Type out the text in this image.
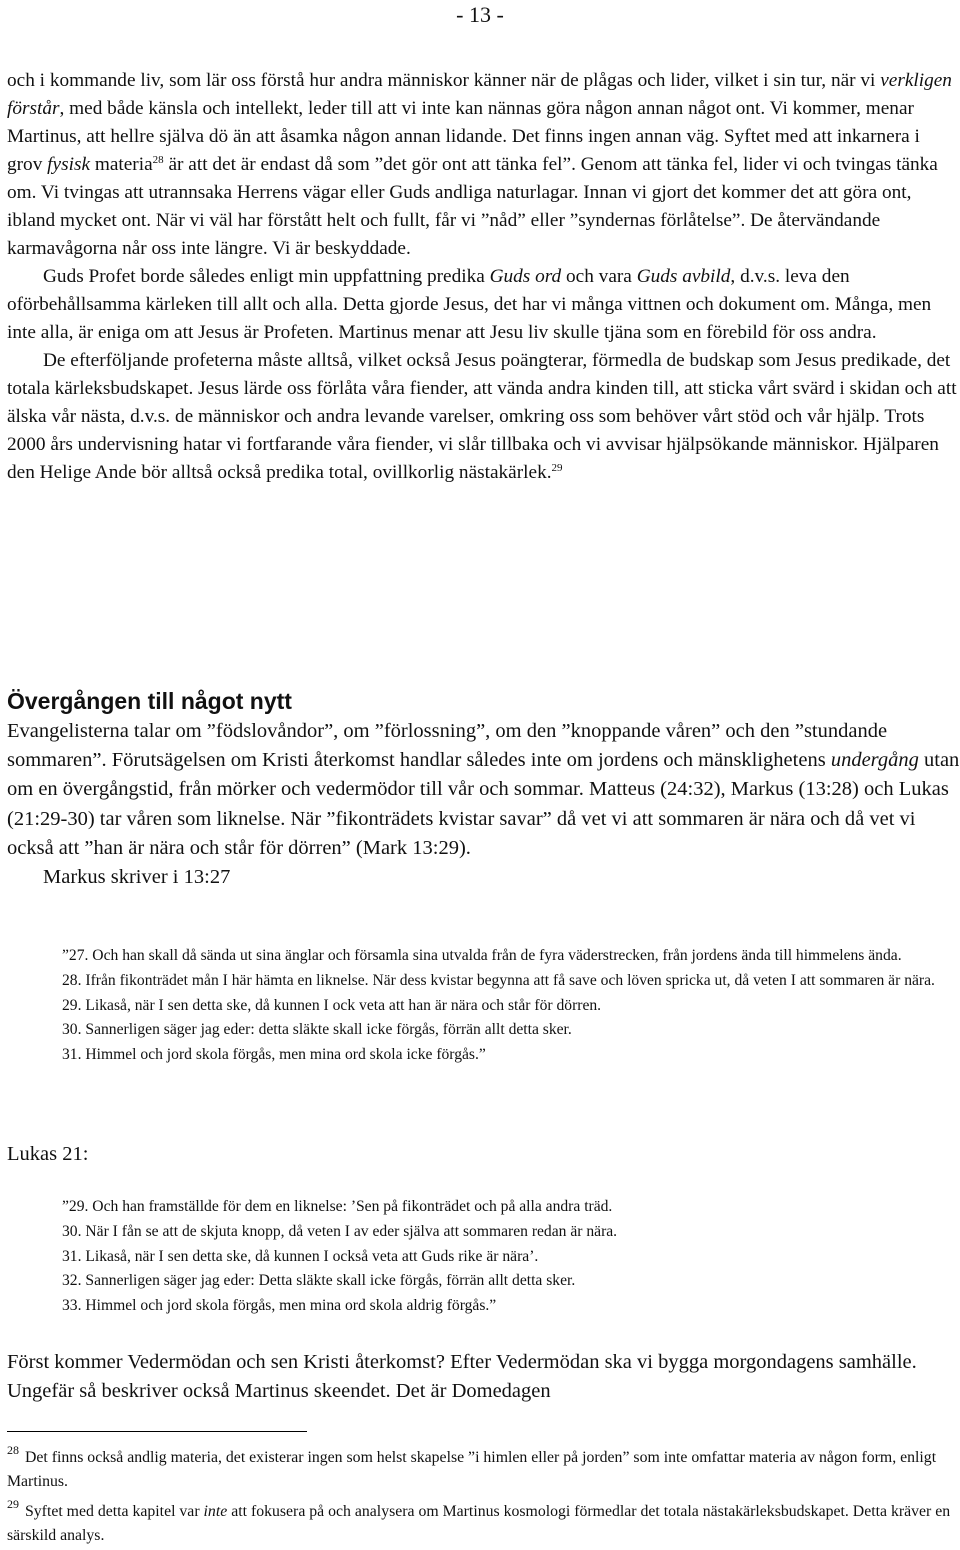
- 13 -
och i kommande liv, som lär oss förstå hur andra människor känner när de plågas och lider, vilket i sin tur, när vi verkligen förstår, med både känsla och intellekt, leder till att vi inte kan nännas göra någon annan något ont. Vi kommer, menar Martinus, att hellre själva dö än att åsamka någon annan lidande. Det finns ingen annan väg. Syftet med att inkarnera i grov fysisk materia$^{28}$ är att det är endast då som ”det gör ont att tänka fel”. Genom att tänka fel, lider vi och tvingas tänka om. Vi tvingas att utrannsaka Herrens vägar eller Guds andliga naturlagar. Innan vi gjort det kommer det att göra ont, ibland mycket ont. När vi väl har förstått helt och fullt, får vi ”nåd” eller ”syndernas förlåtelse”. De återvändande karmavågorna når oss inte längre. Vi är beskyddade.
Guds Profet borde således enligt min uppfattning predika Guds ord och vara Guds avbild, d.v.s. leva den oförbehållsamma kärleken till allt och alla. Detta gjorde Jesus, det har vi många vittnen och dokument om. Många, men inte alla, är eniga om att Jesus är Profeten. Martinus menar att Jesu liv skulle tjäna som en förebild för oss andra.
De efterföljande profeterna måste alltså, vilket också Jesus poängterar, förmedla de budskap som Jesus predikade, det totala kärleksbudskapet. Jesus lärde oss förlåta våra fiender, att vända andra kinden till, att sticka vårt svärd i skidan och att älska vår nästa, d.v.s. de människor och andra levande varelser, omkring oss som behöver vårt stöd och vår hjälp. Trots 2000 års undervisning hatar vi fortfarande våra fiender, vi slår tillbaka och vi avvisar hjälpsökande människor. Hjälparen den Helige Ande bör alltså också predika total, ovillkorlig nästakärlek.$^{29}$
Övergången till något nytt
Evangelisterna talar om ”födslovåndor”, om ”förlossning”, om den ”knoppande våren” och den ”stundande sommaren”. Förutsägelsen om Kristi återkomst handlar således inte om jordens och mänsklighetens undergång utan om en övergångstid, från mörker och vedermödor till vår och sommar. Matteus (24:32), Markus (13:28) och Lukas (21:29-30) tar våren som liknelse. När ”fikonträdets kvistar savar” då vet vi att sommaren är nära och då vet vi också att ”han är nära och står för dörren” (Mark 13:29).
Markus skriver i 13:27

”27. Och han skall då sända ut sina änglar och församla sina utvalda från de fyra väderstrecken, från jordens ända till himmelens ända.

28. Ifrån fikonträdet mån I här hämta en liknelse. När dess kvistar begynna att få save och löven spricka ut, då veten I att sommaren är nära.

29. Likaså, när I sen detta ske, då kunnen I ock veta att han är nära och står för dörren.

30. Sannerligen säger jag eder: detta släkte skall icke förgås, förrän allt detta sker.

31. Himmel och jord skola förgås, men mina ord skola icke förgås.”

Lukas 21:

”29. Och han framställde för dem en liknelse: ’Sen på fikonträdet och på alla andra träd.

30. När I fån se att de skjuta knopp, då veten I av eder själva att sommaren redan är nära.

31. Likaså, när I sen detta ske, då kunnen I också veta att Guds rike är nära’.

32. Sannerligen säger jag eder: Detta släkte skall icke förgås, förrän allt detta sker.

33. Himmel och jord skola förgås, men mina ord skola aldrig förgås.”

Först kommer Vedermödan och sen Kristi återkomst? Efter Vedermödan ska vi bygga morgondagens samhälle. Ungefär så beskriver också Martinus skeendet. Det är Domedagen
$^{28}$ Det finns också andlig materia, det existerar ingen som helst skapelse ”i himlen eller på jorden” som inte omfattar materia av någon form, enligt Martinus.
$^{29}$ Syftet med detta kapitel var inte att fokusera på och analysera om Martinus kosmologi förmedlar det totala nästakärleksbudskapet. Detta kräver en särskild analys.
